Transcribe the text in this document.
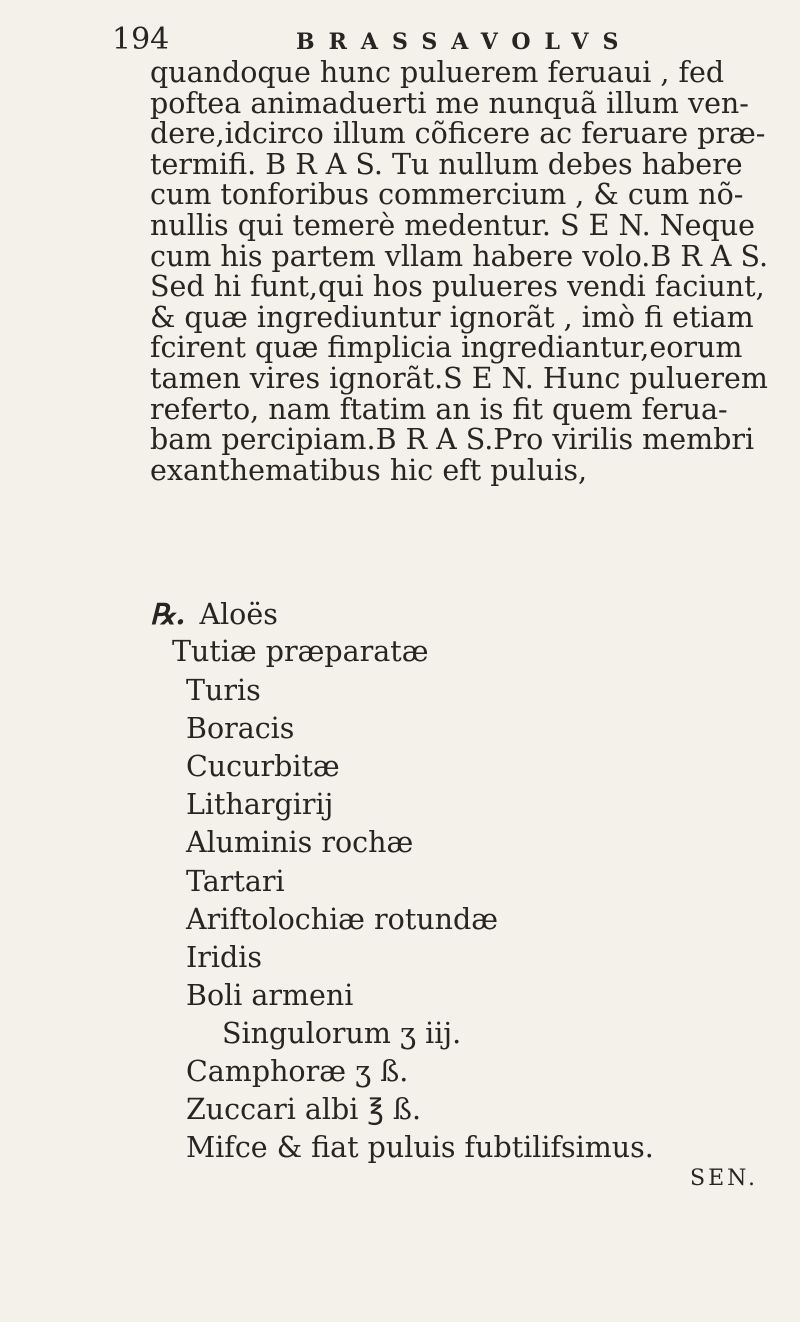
194	BRASSAVOLVS
quandoque hunc puluerem feruaui , fed
poftea animaduerti me nunquã illum ven-
dere,idcirco illum cõficere ac feruare præ-
termifi. B R A S. Tu nullum debes habere
cum tonforibus commercium , & cum nõ-
nullis qui temerè medentur. S E N. Neque
cum his partem vllam habere volo.B R A S.
Sed hi funt,qui hos pulueres vendi faciunt,
& quæ ingrediuntur ignorãt , imò fi etiam
fcirent quæ fimplicia ingrediantur,eorum
tamen vires ignorãt.S E N. Hunc puluerem
referto, nam ftatim an is fit quem ferua-
bam percipiam.B R A S.Pro virilis membri
exanthematibus hic eft puluis,
℞. Aloës
Tutiæ præparatæ
Turis
Boracis
Cucurbitæ
Lithargirij
Aluminis rochæ
Tartari
Ariftolochiæ rotundæ
Iridis
Boli armeni
Singulorum ʒ iij.
Camphoræ ʒ ß.
Zuccari albi ℥ ß.
Mifce & fiat puluis fubtilifsimus.
SEN.
